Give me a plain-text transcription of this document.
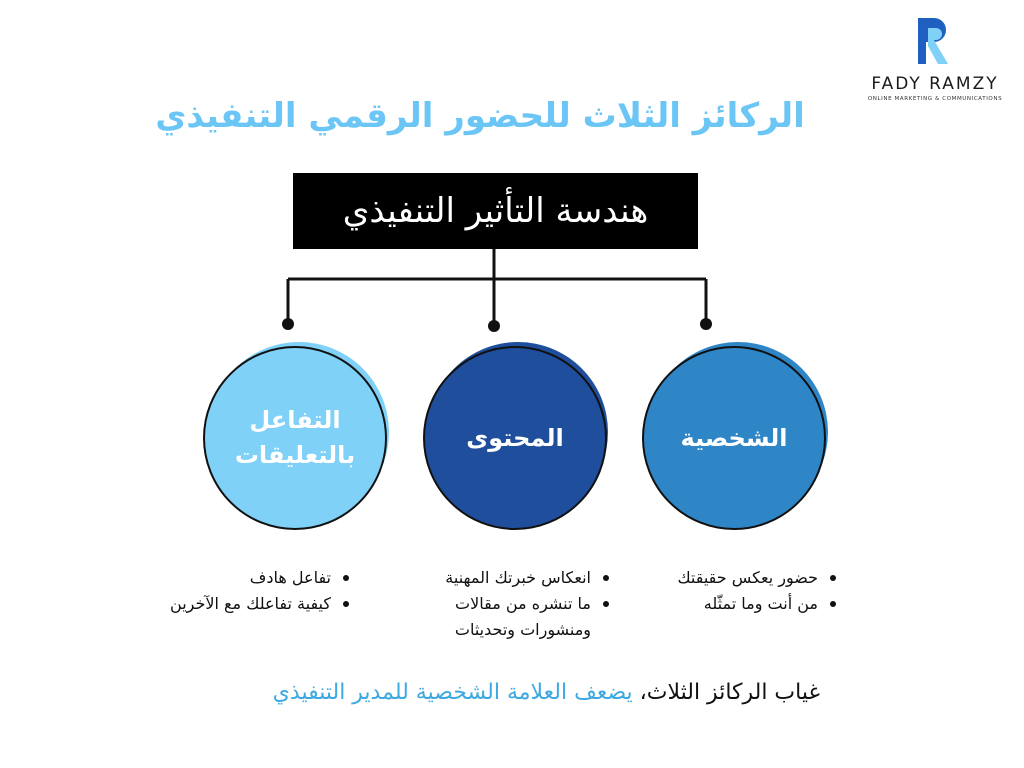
FADY RAMZY
ONLINE MARKETING & COMMUNICATIONS
الركائز الثلاث للحضور الرقمي التنفيذي
هندسة التأثير التنفيذي
الشخصية
المحتوى
التفاعل
بالتعليقات
حضور يعكس حقيقتك
من أنت وما تمثّله
انعكاس خبرتك المهنية
ما تنشره من مقالات ومنشورات وتحديثات
تفاعل هادف
كيفية تفاعلك مع الآخرين
غياب الركائز الثلاث، يضعف العلامة الشخصية للمدير التنفيذي
